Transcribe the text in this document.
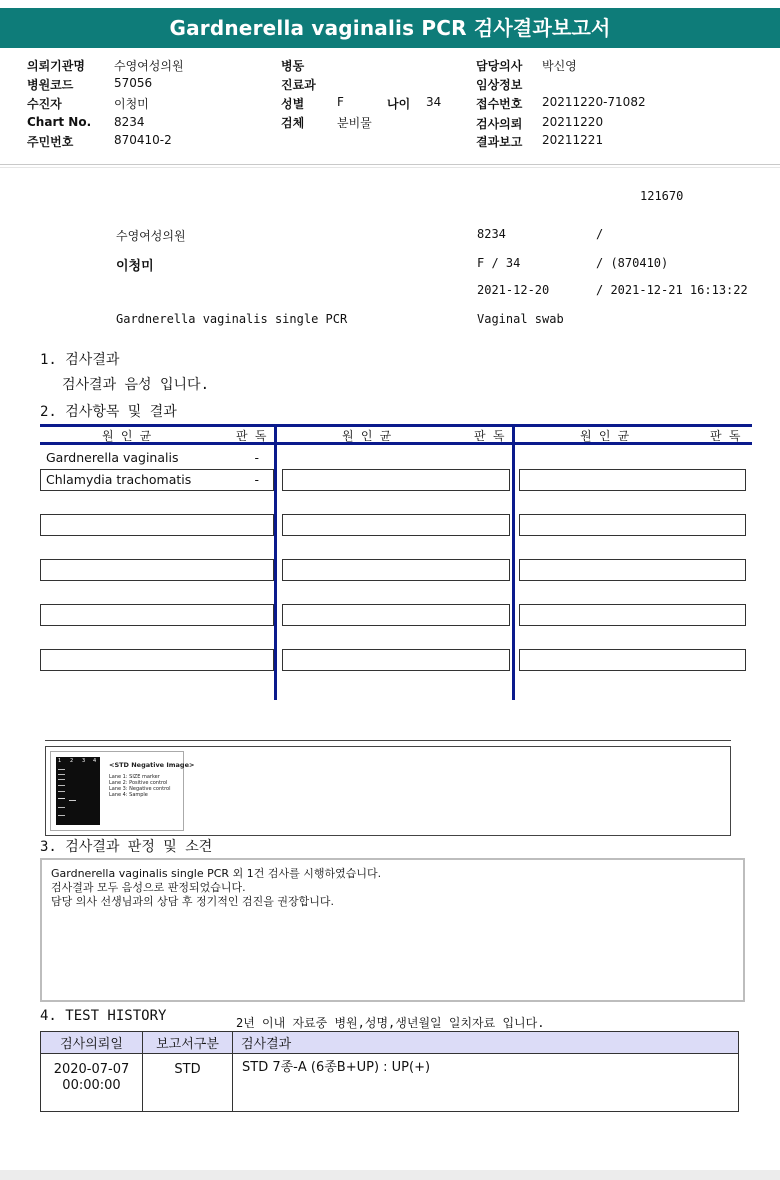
Gardnerella vaginalis PCR 검사결과보고서
의뢰기관명 수영여성의원
병원코드	57056
수진자	이청미
Chart No. 8234
주민번호	870410-2
병동
진료과
성별	F	나이 34
검체	분비물
담당의사 박신영
임상정보
접수번호 20211220-71082
검사의뢰 20211220
결과보고 20211221
121670
수영여성의원	8234	/
이청미	F / 34	/ (870410)
2021-12-20	/ 2021-12-21 16:13:22
Gardnerella vaginalis single PCR	Vaginal swab
1. 검사결과
검사결과 음성 입니다.
2. 검사항목 및 결과
원 인 균	판 독	원 인 균	판 독	원 인 균	판 독
Gardnerella vaginalis	-
Chlamydia trachomatis	-
1 2 3 4 <STD Negative Image>
Lane 1: SIZE marker
Lane 2: Positive control
Lane 3: Negative control
Lane 4: Sample
3. 검사결과 판정 및 소견
Gardnerella vaginalis single PCR 외 1건 검사를 시행하였습니다.
검사결과 모두 음성으로 판정되었습니다.
담당 의사 선생님과의 상담 후 정기적인 검진을 권장합니다.
4. TEST HISTORY	2년 이내 자료중 병원,성명,생년월일 일치자료 입니다.
검사의뢰일	보고서구분	검사결과

2020-07-07
00:00:00	STD	STD 7종-A (6종B+UP) : UP(+)
